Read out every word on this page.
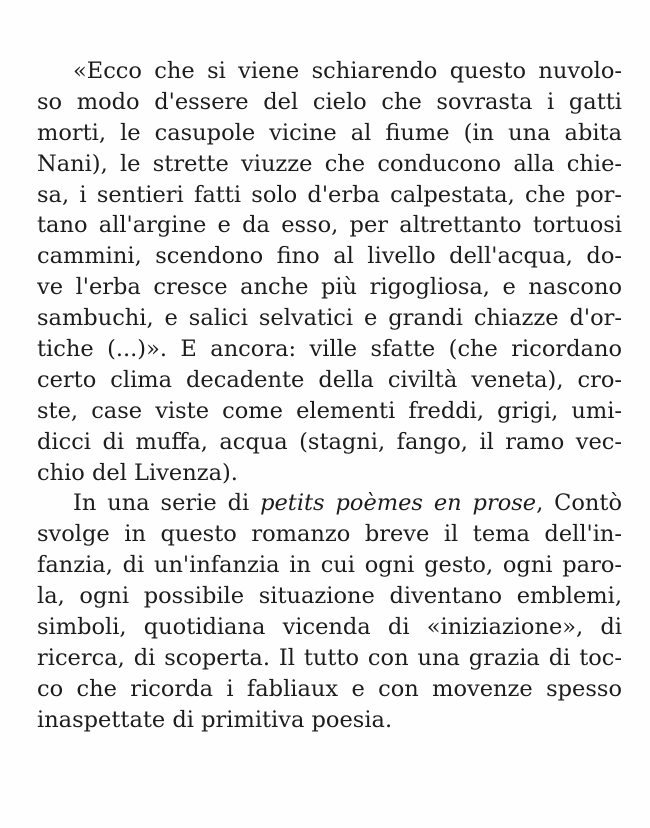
«Ecco che si viene schiarendo questo nuvolo-
so modo d'essere del cielo che sovrasta i gatti
morti, le casupole vicine al fiume (in una abita
Nani), le strette viuzze che conducono alla chie-
sa, i sentieri fatti solo d'erba calpestata, che por-
tano all'argine e da esso, per altrettanto tortuosi
cammini, scendono fino al livello dell'acqua, do-
ve l'erba cresce anche più rigogliosa, e nascono
sambuchi, e salici selvatici e grandi chiazze d'or-
tiche (...)». E ancora: ville sfatte (che ricordano
certo clima decadente della civiltà veneta), cro-
ste, case viste come elementi freddi, grigi, umi-
dicci di muffa, acqua (stagni, fango, il ramo vec-
chio del Livenza).
In una serie di petits poèmes en prose, Contò
svolge in questo romanzo breve il tema dell'in-
fanzia, di un'infanzia in cui ogni gesto, ogni paro-
la, ogni possibile situazione diventano emblemi,
simboli, quotidiana vicenda di «iniziazione», di
ricerca, di scoperta. Il tutto con una grazia di toc-
co che ricorda i fabliaux e con movenze spesso
inaspettate di primitiva poesia.
